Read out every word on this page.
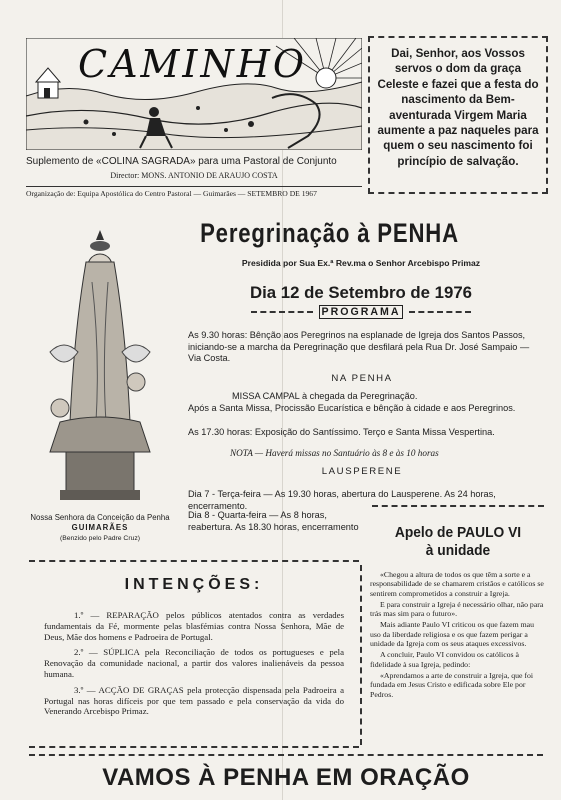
CAMINHO	Dai, Senhor, aos Vossos servos o dom da graça Celeste e fazei que a festa do nascimento da Bem-aventurada Virgem Maria aumente a paz naqueles para quem o seu nascimento foi princípio de salvação.

Suplemento de «COLINA SAGRADA» para uma Pastoral de Conjunto
Director: MONS. ANTONIO DE ARAUJO COSTA
Organização de: Equipa Apostólica do Centro Pastoral — Guimarães — SETEMBRO DE 1967
Nossa Senhora da Conceição da Penha
GUIMARÃES
(Benzido pelo Padre Cruz)
Peregrinação à PENHA
Presidida por Sua Ex.ª Rev.ma o Senhor Arcebispo Primaz
Dia 12 de Setembro de 1976
PROGRAMA
As 9.30 horas: Bênção aos Peregrinos na esplanade de Igreja dos Santos Passos, iniciando-se a marcha da Peregrinação que desfilará pela Rua Dr. José Sampaio — Via Costa.
NA PENHA
MISSA CAMPAL à chegada da Peregrinação.
Após a Santa Missa, Procissão Eucarística e bênção à cidade e aos Peregrinos.
As 17.30 horas: Exposição do Santíssimo. Terço e Santa Missa Vespertina.
NOTA — Haverá missas no Santuário às 8 e às 10 horas
LAUSPERENE
Dia 7 - Terça-feira — As 19.30 horas, abertura do Lausperene. As 24 horas, encerramento.
Dia 8 - Quarta-feira — As 8 horas, reabertura. As 18.30 horas, encerramento	Apelo de PAULO VI
à unidade

«Chegou a altura de todos os que têm a sorte e a responsabilidade de se chamarem cristãos e católicos se sentirem comprometidos a construir a Igreja.

E para construir a Igreja é necessário olhar, não para trás mas sim para o futuro».

Mais adiante Paulo VI criticou os que fazem mau uso da liberdade religiosa e os que fazem perigar a unidade da Igreja com os seus ataques excessivos.

A concluir, Paulo VI convidou os católicos à fidelidade à sua Igreja, pedindo:

«Aprendamos a arte de construir a Igreja, que foi fundada em Jesus Cristo e edificada sobre Ele por Pedros.

INTENÇÕES:

1.º — REPARAÇÃO pelos públicos atentados contra as verdades fundamentais da Fé, mormente pelas blasfémias contra Nossa Senhora, Mãe de Deus, Mãe dos homens e Padroeira de Portugal.

2.º — SÚPLICA pela Reconciliação de todos os portugueses e pela Renovação da comunidade nacional, a partir dos valores inalienáveis da pessoa humana.

3.º — ACÇÃO DE GRAÇAS pela protecção dispensada pela Padroeira a Portugal nas horas difíceis por que tem passado e pela conservação da vida do Venerando Arcebispo Primaz.

VAMOS À PENHA EM ORAÇÃO
